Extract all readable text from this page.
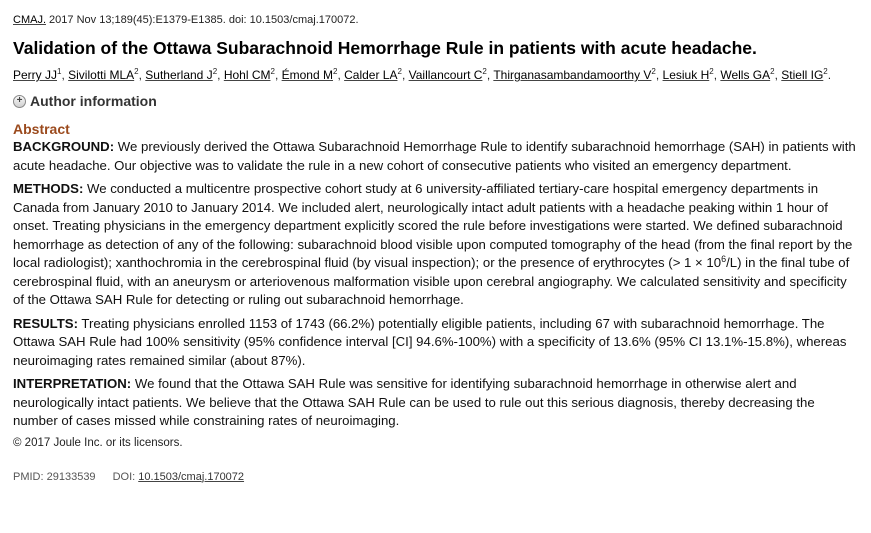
CMAJ. 2017 Nov 13;189(45):E1379-E1385. doi: 10.1503/cmaj.170072.

Validation of the Ottawa Subarachnoid Hemorrhage Rule in patients with acute headache.
Perry $JJ^1$, Sivilotti MLA$^2$, Sutherland $J^2$, Hohl $CM^2$, Émond $M^2$, Calder $LA^2$, Vaillancourt $C^2$, Thirganasambandamoorthy $V^2$, Lesiuk $H^2$, Wells $GA^2$, Stiell $IG^2$.
+ Author information
Abstract

BACKGROUND: We previously derived the Ottawa Subarachnoid Hemorrhage Rule to identify subarachnoid hemorrhage (SAH) in patients with acute headache. Our objective was to validate the rule in a new cohort of consecutive patients who visited an emergency department.

METHODS: We conducted a multicentre prospective cohort study at 6 university-affiliated tertiary-care hospital emergency departments in Canada from January 2010 to January 2014. We included alert, neurologically intact adult patients with a headache peaking within 1 hour of onset. Treating physicians in the emergency department explicitly scored the rule before investigations were started. We defined subarachnoid hemorrhage as detection of any of the following: subarachnoid blood visible upon computed tomography of the head (from the final report by the local radiologist); xanthochromia in the cerebrospinal fluid (by visual inspection); or the presence of erythrocytes (> $1 \times 10^6/L$) in the final tube of cerebrospinal fluid, with an aneurysm or arteriovenous malformation visible upon cerebral angiography. We calculated sensitivity and specificity of the Ottawa SAH Rule for detecting or ruling out subarachnoid hemorrhage.

RESULTS: Treating physicians enrolled 1153 of 1743 (66.2%) potentially eligible patients, including 67 with subarachnoid hemorrhage. The Ottawa SAH Rule had 100% sensitivity (95% confidence interval [CI] 94.6%-100%) with a specificity of 13.6% (95% CI 13.1%-15.8%), whereas neuroimaging rates remained similar (about 87%).

INTERPRETATION: We found that the Ottawa SAH Rule was sensitive for identifying subarachnoid hemorrhage in otherwise alert and neurologically intact patients. We believe that the Ottawa SAH Rule can be used to rule out this serious diagnosis, thereby decreasing the number of cases missed while constraining rates of neuroimaging.

© 2017 Joule Inc. or its licensors.
PMID: 29133539 DOI: 10.1503/cmaj.170072
